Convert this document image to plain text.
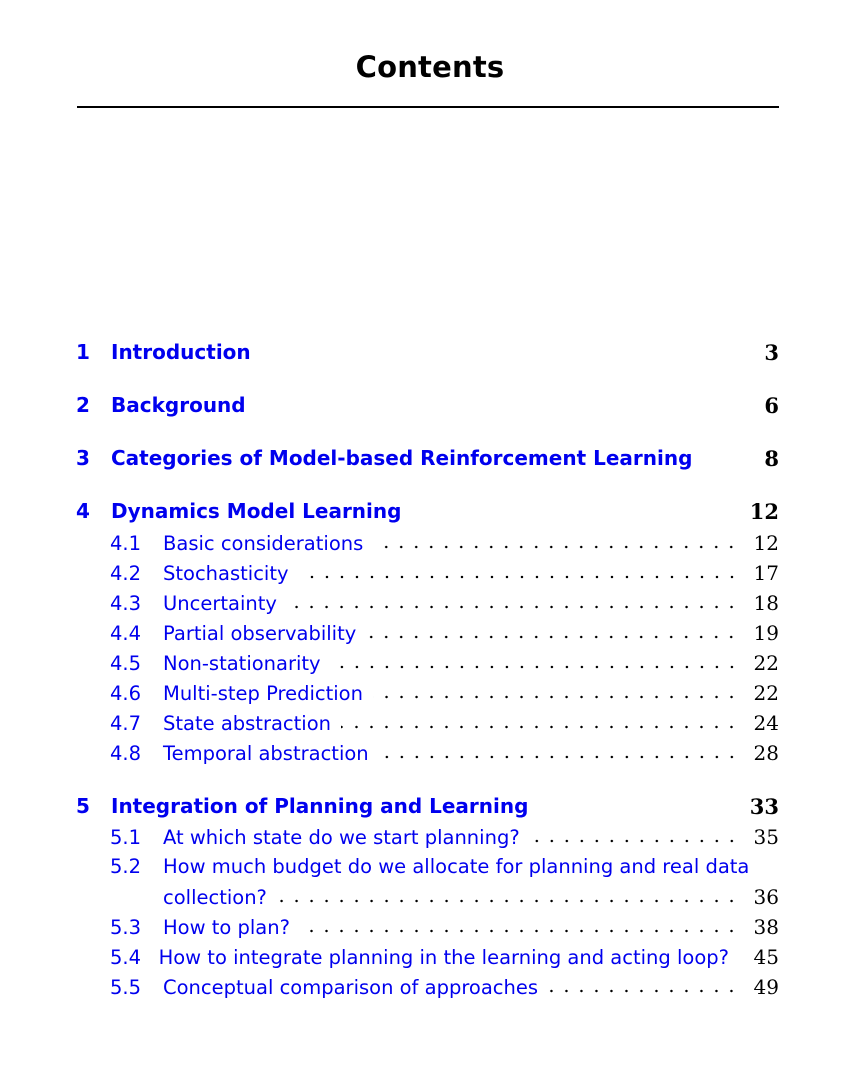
Contents
1	Introduction	3
2	Background	6
3	Categories of Model-based Reinforcement Learning	8
4	Dynamics Model Learning	12
4.1	Basic considerations	12
4.2	Stochasticity	17
4.3	Uncertainty	18
4.4	Partial observability	19
4.5	Non-stationarity	22
4.6	Multi-step Prediction	22
4.7	State abstraction	24
4.8	Temporal abstraction	28
5	Integration of Planning and Learning	33
5.1	At which state do we start planning?	35
5.2	How much budget do we allocate for planning and real data
collection?	36
5.3	How to plan?	38
5.4 How to integrate planning in the learning and acting loop? 45
5.5	Conceptual comparison of approaches	49
